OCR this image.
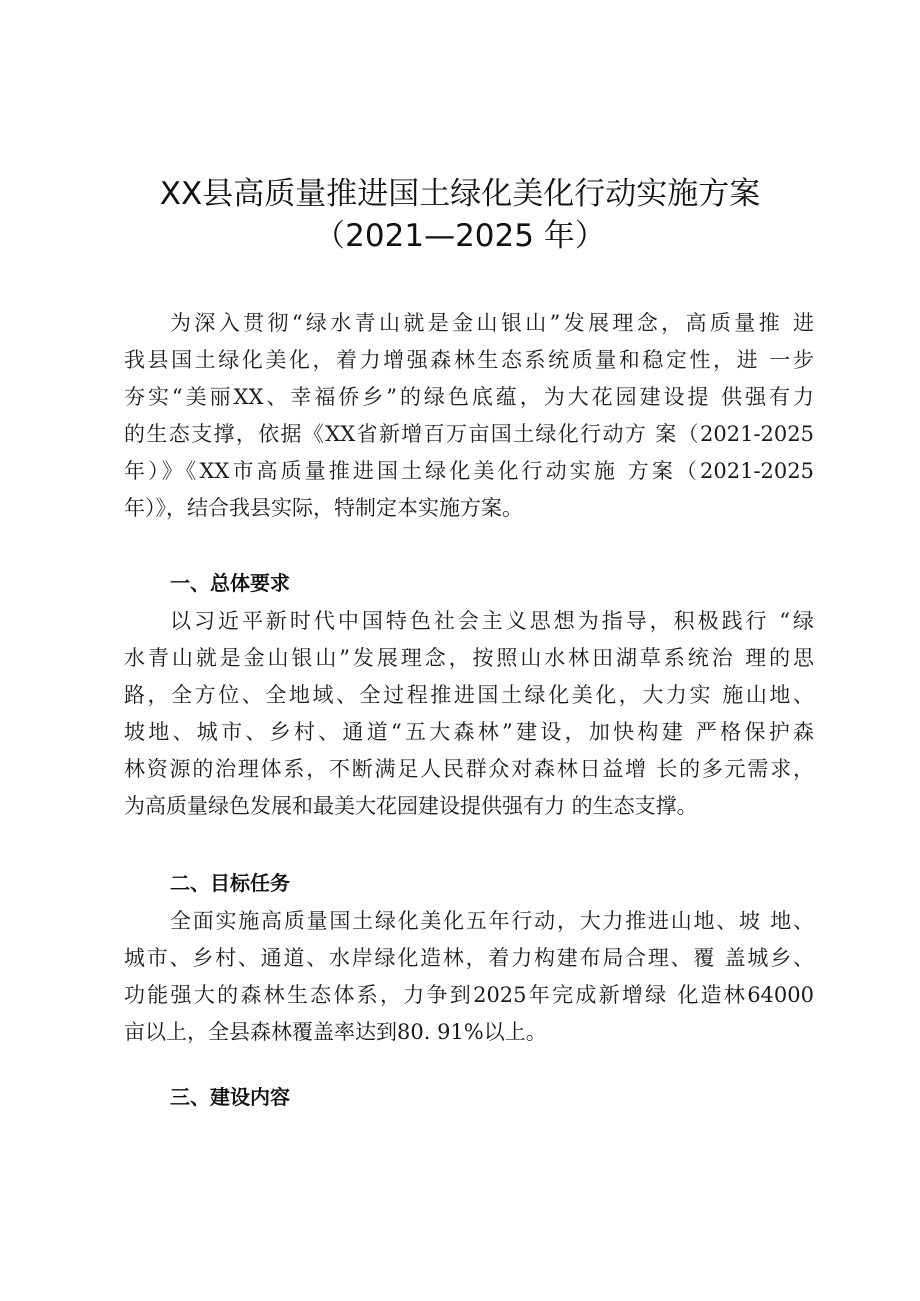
XX县高质量推进国土绿化美化行动实施方案
（2021—2025 年）
为深入贯彻“绿水青山就是金山银山”发展理念，高质量推 进
我县国土绿化美化，着力增强森林生态系统质量和稳定性，进 一步
夯实“美丽XX、幸福侨乡”的绿色底蕴，为大花园建设提 供强有力
的生态支撑，依据《XX省新增百万亩国土绿化行动方 案（2021-2025
年）》《XX市高质量推进国土绿化美化行动实施 方案（2021-2025
年）》，结合我县实际，特制定本实施方案。
一、总体要求
以习近平新时代中国特色社会主义思想为指导，积极践行 “绿
水青山就是金山银山”发展理念，按照山水林田湖草系统治 理的思
路，全方位、全地域、全过程推进国土绿化美化，大力实 施山地、
坡地、城市、乡村、通道“五大森林”建设，加快构建 严格保护森
林资源的治理体系，不断满足人民群众对森林日益增 长的多元需求，
为高质量绿色发展和最美大花园建设提供强有力 的生态支撑。
二、目标任务
全面实施高质量国土绿化美化五年行动，大力推进山地、坡 地、
城市、乡村、通道、水岸绿化造林，着力构建布局合理、覆 盖城乡、
功能强大的森林生态体系，力争到2025年完成新增绿 化造林64000
亩以上，全县森林覆盖率达到80. 91%以上。
三、建设内容
